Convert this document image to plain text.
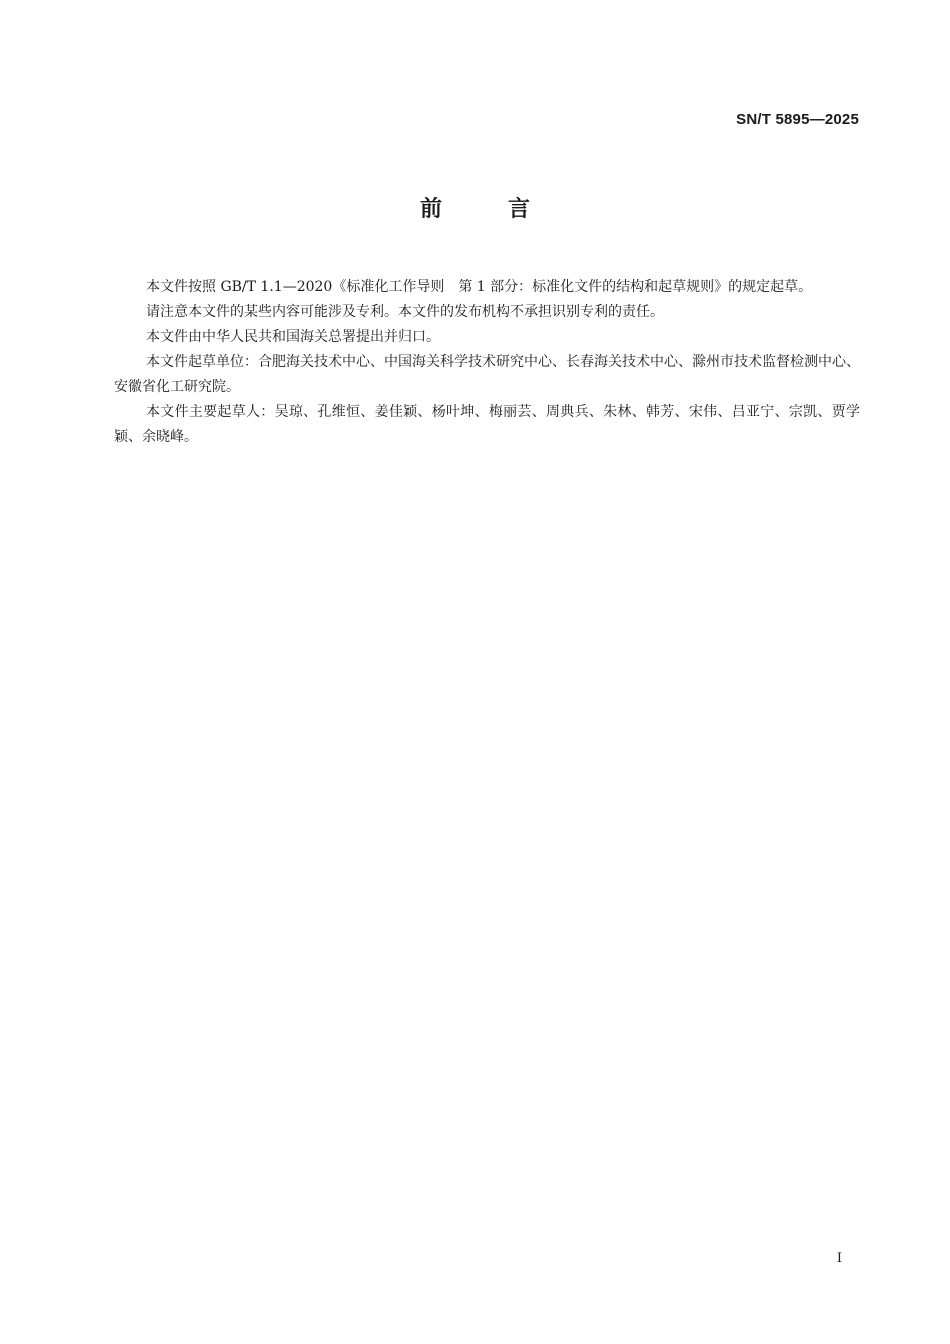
SN/T 5895—2025

前	言

本文件按照 GB/T 1.1—2020《标准化工作导则　第 1 部分：标准化文件的结构和起草规则》的规定起草。

请注意本文件的某些内容可能涉及专利。本文件的发布机构不承担识别专利的责任。

本文件由中华人民共和国海关总署提出并归口。

本文件起草单位：合肥海关技术中心、中国海关科学技术研究中心、长春海关技术中心、滁州市技术监督检测中心、安徽省化工研究院。

本文件主要起草人：吴琼、孔维恒、姜佳颖、杨叶坤、梅丽芸、周典兵、朱林、韩芳、宋伟、吕亚宁、宗凯、贾学颖、余晓峰。

I
